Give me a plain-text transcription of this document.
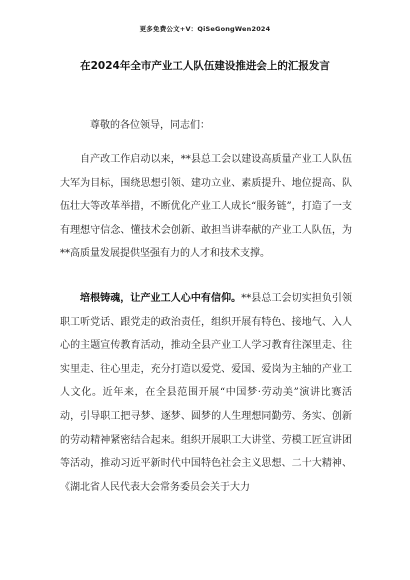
更多免费公文+V：QiSeGongWen2024
在2024年全市产业工人队伍建设推进会上的汇报发言
尊敬的各位领导，同志们：

自产改工作启动以来，**县总工会以建设高质量产业工人队伍大军为目标，围绕思想引领、建功立业、素质提升、地位提高、队伍壮大等改革举措，不断优化产业工人成长“服务链”，打造了一支有理想守信念、懂技术会创新、敢担当讲奉献的产业工人队伍，为**高质量发展提供坚强有力的人才和技术支撑。

培根铸魂，让产业工人心中有信仰。**县总工会切实担负引领职工听党话、跟党走的政治责任，组织开展有特色、接地气、入人心的主题宣传教育活动，推动全县产业工人学习教育往深里走、往实里走、往心里走，充分打造以爱党、爱国、爱岗为主轴的产业工人文化。近年来，在全县范围开展“中国梦·劳动美”演讲比赛活动，引导职工把寻梦、逐梦、圆梦的人生理想同勤劳、务实、创新的劳动精神紧密结合起来。组织开展职工大讲堂、劳模工匠宣讲团等活动，推动习近平新时代中国特色社会主义思想、二十大精神、《湖北省人民代表大会常务委员会关于大力
